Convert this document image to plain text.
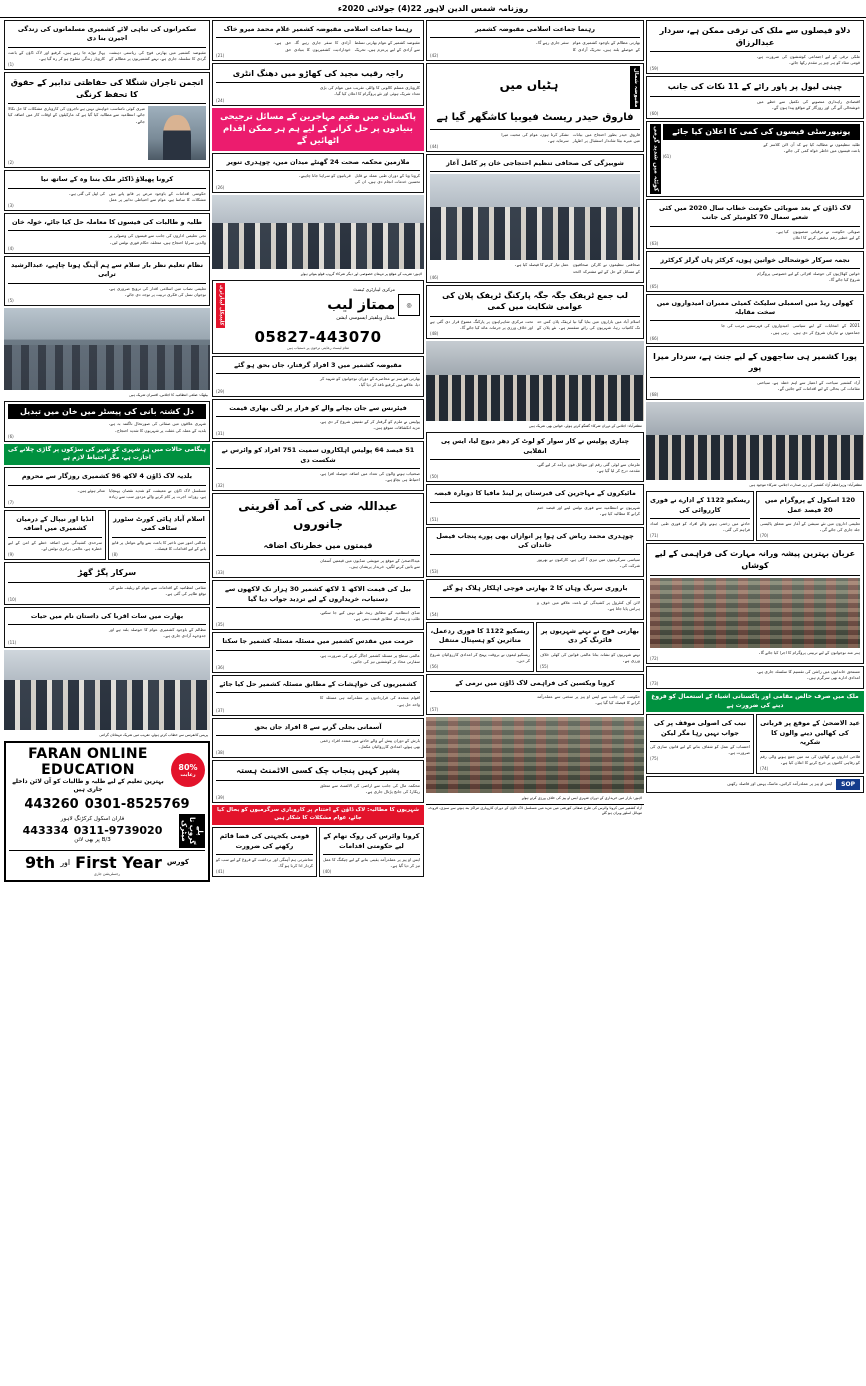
روزنامہ شمس الدین لاہور 22(4) جولائی 2020ء
دلاو فیصلوں سے ملک کی ترقی ممکن ہے، سردار عبدالرزاق
ملکی ترقی کے لیے اجتماعی کوششوں کی ضرورت ہے، قومی مفاد کو ہر چیز پر مقدم رکھا جائے۔
(59)
چینی لیول پر پاور رائے کے 11 نکات کی جانب
اقتصادی راہداری منصوبے کی تکمیل سے خطے میں خوشحالی آئے گی اور روزگار کے مواقع پیدا ہوں گے۔
(60)
یونیورسٹی فیسوں کی کمی کا اعلان کیا جائے
طلبہ تنظیموں نے مطالبہ کیا ہے کہ آن لائن کلاسز کے باعث فیسوں میں خاطر خواہ کمی کی جائے۔
(61)
کوئٹہ میں شدید گرمی
لاک ڈاؤن کے بعد صوبائی حکومت خطاب سال 2020 میں کئی شعبے سمال 70 کلومیٹر کی جانب
صوبائی حکومت نے ترقیاتی منصوبوں کے لیے خطیر رقم مختص کرنے کا اعلان کیا ہے۔
(63)
نجمہ سرکار خوشحالی خواتین ہوں، کرکٹر ہاں گرلز کرکٹرز
خواتین کھلاڑیوں کی حوصلہ افزائی کے لیے خصوصی پروگرام شروع کیا جائے گا۔
(65)
کھولی ریڈ میں اسمبلی سلیکٹ کمیٹی ممبران امیدواروں میں سخت مقابلہ
2021 کے انتخابات کے لیے سیاسی جماعتوں نے تیاریاں شروع کر دی ہیں، امیدواروں کی فہرستیں مرتب کی جا رہی ہیں۔
(66)
پورا کشمیر ہی ساجھوں کے لیے جنت ہے، سردار میرا پور
آزاد کشمیر سیاحت کے اعتبار سے اہم خطہ ہے، سیاحتی مقامات کی بحالی کے لیے اقدامات کیے جائیں گے۔
(68)
مظفرآباد: وزیراعظم آزاد کشمیر کی زیر صدارت اجلاس، شرکاء موجود ہیں
120 اسکول کے پروگرام میں 20 فیصد عمل
تعلیمی اداروں میں نئے سیشن کے آغاز سے متعلق پالیسی جلد جاری کی جائے گی۔
(70)
ریسکیو 1122 کے ادارے نے فوری کارروائی کی
حادثے میں زخمی ہونے والے افراد کو فوری طبی امداد فراہم کی گئی۔
(71)
عربان بہترین پیشہ ورانہ مہارت کی فراہمی کے لیے کوشاں
ہنر مند نوجوانوں کے لیے تربیتی پروگرام کا اجرا کیا جائے گا۔
(72)
مستحق خاندانوں میں راشن کی تقسیم کا سلسلہ جاری ہے، امدادی ادارے بھی سرگرم ہیں۔
(73)
ملک میں صرف خالص مقامی اور پاکستانی اشیاء کے استعمال کو فروغ دینے کی ضرورت ہے
عید الاضحیٰ کے موقع پر قربانی کی کھالیں دینے والوں کا شکریہ
فلاحی اداروں نے کھالوں کی مد میں جمع ہونے والی رقم کو رفاہی کاموں پر خرچ کرنے کا اعلان کیا ہے۔
(74)
نیب کی اصولی موقف پر کی جواب نہیں رہا مگر لیکن
احتساب کے عمل کو شفاف بنانے کے لیے قانون سازی کی ضرورت ہے۔
(75)
SOP
ایس او پیز پر عملدرآمد کرائیں، ماسک پہنیں اور فاصلہ رکھیں
رہنما جماعت اسلامی مقبوضہ کشمیر
بھارتی مظالم کے باوجود کشمیری عوام کے حوصلے بلند ہیں، تحریک آزادی کا سفر جاری رہے گا۔
(42)
مقبوضہ شمال
ہٹیاں میں
فاروق حیدر ریسٹ فیوبیا کاشگھر گیا ہے
فاروق حیدر بطور احتجاج میں بیانات میں میرے بیٹا شاندار استقبال پر اظہار تشکر کرتا ہوں، عوام کی محبت میرا سرمایہ ہے۔
(44)
شوبیزگی کی صحافی تنظیم احتجاجی خان پر کامل آغاز
صحافتی تنظیموں نے کارکن صحافیوں کے مسائل کے حل کے لیے مشترکہ لائحہ عمل تیار کرنے کا فیصلہ کیا ہے۔
(46)
لب جمع ٹریفک جگہ جگہ پارکنگ ٹریفک پلان کی عوامی شکایت میں کمی
اسلام آباد میں بازاروں میں بنایا گیا نیا ٹریفک پلان کس حد تک کامیاب رہا، شہریوں کی رائے منقسم ہے۔ نئے پلان کے تحت مرکزی شاہراہوں پر پارکنگ ممنوع قرار دی گئی ہے اور خلاف ورزی پر جرمانہ عائد کیا جائے گا۔
(48)
مظفرآباد: اجلاس کے دوران شرکاء گفتگو کرتے ہوئے، خواتین بھی شریک ہیں
چنارى پولیس نے کار سوار کو لوٹ کر دھر دبوچ لیا، ایس پی انقلابی
ملزمان سے لوٹی گئی رقم اور موبائل فون برآمد کر لیے گئے، مقدمہ درج کر لیا گیا ہے۔
(50)
مائیکروں کے مہاجرین کی قبرستان پر لینڈ مافیا کا دوبارہ قبضہ
شہریوں نے انتظامیہ سے فوری نوٹس لینے اور قبضہ ختم کرانے کا مطالبہ کیا ہے۔
(51)
چوہدری محمد ریاض کی ہوا پر انوازاں بھی پورے پنجاب فیصل خاندان کی
سیاسی سرگرمیوں میں تیزی آ گئی ہے، کارکنوں نے بھرپور شرکت کی۔
(53)
باروری سرنگ وہاں کا 2 بھارتی فوجی اہلکار ہلاک ہو گئے
لائن آف کنٹرول پر کشیدگی کے باعث علاقے میں خوف و ہراس پایا جاتا ہے۔
(54)
بھارتی فوج نے نہتے شہریوں پر فائرنگ کر دی
نہتے شہریوں کو نشانہ بنانا عالمی قوانین کی کھلی خلاف ورزی ہے۔
(55)
ریسکیو 1122 کا فوری ردعمل، متاثرین کو ہسپتال منتقل
ریسکیو ٹیموں نے بروقت پہنچ کر امدادی کارروائیاں شروع کر دیں۔
(56)
کرونا ویکسین کی فراہمی لاک ڈاؤن میں نرمی کے
حکومت کی جانب سے ایس او پیز پر سختی سے عملدرآمد کرانے کا فیصلہ کیا گیا ہے۔
(57)
لاہور: بازار میں خریداری کے دوران شہری ایس او پیز کی خلاف ورزی کرتے ہوئے
آزاد کشمیر میں کرونا وائرس کی طرح صفائی کورشی میں مزید میں مسلسل لاک ڈاؤن کے دوران کاروباری مراکز بند ہونے سے سبزی، فروٹ، موبائل اسٹور ویران ہو گئے
رہنما جماعت اسلامی مقبوضہ کشمیر غلام محمد میرو خاک
مقبوضہ کشمیر کے عوام بھارتی تسلط سے آزادی کے لیے پرعزم ہیں، تحریک آزادی کا سفر جاری رہے گا، حق خودارادیت کشمیریوں کا بنیادی حق ہے۔
(21)
راجہ رقیب مجید کی کھاڑو میں دھنگ انٹری
کاروباری مسلم کالونی کا والٹر، تقریب میں عوام کی بڑی تعداد شریک ہوئی اور نئے پروگرام کا اعلان کیا گیا۔
(24)
پاکستان میں مقیم مہاجرین کے مسائل ترجیحی بنیادوں پر حل کرانے کے لیے ہم ہر ممکن اقدام اٹھائیں گے
ملازمین محکمہ صحت 24 گھنٹے میدان میں، چوہدری تنویر
کرونا وبا کے دوران طبی عملہ نے قابل تحسین خدمات انجام دی ہیں، ان کی قربانیوں کو سراہا جانا چاہیے۔
(26)
لاہور: تقریب کے موقع پر مہمان خصوصی اور دیگر شرکاء گروپ فوٹو بنواتے ہوئے
◎
مرکزی لیبارٹری ٹیسٹ
ممتاز لیب
ممتاز ویلفیئر ایسوسی ایشن
کلینیکل لیبارٹری
05827-443070
تمام ٹیسٹ رعایتی نرخوں پر دستیاب ہیں
مقبوضہ کشمیر میں 3 افراد گرفتار، جاں بحق ہو گئے
بھارتی فورسز نے محاصرے کے دوران نوجوانوں کو شہید کر دیا، علاقے میں کرفیو نافذ کر دیا گیا۔
(29)
فیئرنس سے جان بچانے والے کو فرار پر لگی بھاری قیمت
پولیس نے ملزم کو گرفتار کر کے تفتیش شروع کر دی ہے، مزید انکشافات متوقع ہیں۔
(31)
51 فیصد 64 پولیس اہلکاروں سمیت 751 افراد کو وائرس نے شکست دی
صحتیاب ہونے والوں کی تعداد میں اضافہ حوصلہ افزا ہے، احتیاط ہی بچاؤ ہے۔
(32)
عبداللہ ضی کی آمد آفرینی جانوروں
قیمتوں میں خطرناک اضافہ
عیدالاضحیٰ کے موقع پر مویشی منڈیوں میں قیمتیں آسمان سے باتیں کرنے لگیں، خریدار پریشان ہیں۔
(33)
بیل کی قیمت الاکھ 1 لاکھ کشمیر 30 ہزار تک لاکھوں سے دستیاب، خریداروں کے لیے تردید جواب دیا گیا
منڈی انتظامیہ کے مطابق ریٹ طے نہیں کیے جا سکتے، طلب و رسد کے مطابق قیمت بنتی ہے۔
(35)
حرمت میں مقدس کشمیر میں مسئلہ مسئلہ کشمیر جا سکتا
عالمی سطح پر مسئلہ کشمیر اجاگر کرنے کی ضرورت ہے، سفارتی محاذ پر کوششیں تیز کی جائیں۔
(36)
کشمیریوں کی خواہشات کے مطابق مسئلہ کشمیر حل کیا جائے
اقوام متحدہ کی قراردادوں پر عملدرآمد ہی مسئلہ کا واحد حل ہے۔
(37)
آسمانی بجلی گرنے سے 8 افراد جاں بحق
بارش کے دوران پیش آنے والے حادثے میں متعدد افراد زخمی بھی ہوئے، امدادی کارروائیاں مکمل۔
(38)
پشپر کہیں پنجاب چک کسی الاٹمنٹ ہستہ
محکمہ مال کی جانب سے اراضی کی الاٹمنٹ سے متعلق ریکارڈ کی جانچ پڑتال جاری ہے۔
(39)
شہریوں کا مطالبہ: لاک ڈاؤن کے اختتام پر کاروباری سرگرمیوں کو بحال کیا جائے، عوام مشکلات کا شکار ہیں
کرونا وائرس کی روک تھام کے لیے حکومتی اقدامات
ایس او پیز پر عملدرآمد یقینی بنانے کے لیے چیکنگ کا عمل تیز کر دیا گیا ہے۔
(40)
قومی یکجہتی کی فضا قائم رکھنے کی ضرورت
معاشرتی ہم آہنگی اور برداشت کے فروغ کے لیے سب کو کردار ادا کرنا ہو گا۔
(41)
سکمرانوں کی تباہی لائے کشمیری مسلمانوں کی زندگی اجیرن بنا دی
مقبوضہ کشمیر میں بھارتی فوج کی ریاستی دہشت گردی کا سلسلہ جاری ہے، نہتے کشمیریوں پر مظالم کے پہاڑ توڑے جا رہے ہیں، کرفیو اور لاک ڈاؤن کے باعث کاروبار زندگی مفلوج ہو کر رہ گیا ہے۔
(1)
انجمن تاجران شنگلا کی حفاظتی تدابیر کے حقوق کا تحفظ کرنگی
میری کوئی نامناسب خواہش نہیں ہے تاجروں کی کاروباری مشکلات کا حل نکالا جائے، انتظامیہ سے مطالبہ کیا گیا ہے کہ مارکیٹوں کے اوقات کار میں اضافہ کیا جائے۔
(2)
کرونا پھیلاؤ ڈاکٹر ملک بننا وہ کے ساتھ نیا
حکومتی اقدامات کے باوجود مرض پر قابو پانے میں مشکلات کا سامنا ہے، عوام سے احتیاطی تدابیر پر عمل کی اپیل کی گئی ہے۔
(3)
طلبہ و طالبات کی فیسوں کا معاملہ حل کیا جائے، خولہ خان
نجی تعلیمی اداروں کی جانب سے فیسوں کی وصولی پر والدین سراپا احتجاج ہیں، متعلقہ حکام فوری نوٹس لیں۔
(4)
نظام تعلیم نظر بار سلام سے ہم آہنگ ہونا چاہیے، عبدالرشید ترابی
تعلیمی نصاب میں اسلامی اقدار کی ترویج ضروری ہے، نوجوان نسل کی فکری تربیت پر توجہ دی جائے۔
(5)
بیٹھک: ضلعی انتظامیہ کا اجلاس، افسران شریک ہیں
دل کشتہ بانی کی پیسٹر میں خان میں تبدیل
شہری علاقوں میں صفائی کی صورتحال ناگفتہ بہ ہے، بلدیہ کے عملہ کی غفلت پر شہریوں کا شدید احتجاج۔
(6)
ہنگامی حالات میں ہر شہری کو شہر کی سڑکوں پر گاڑی چلانے کی اجازت ہے، مگر احتیاط لازم ہے
بلدیہ لاک ڈاؤن 4 لاکھ 96 کشمیری روزگار سے محروم
مسلسل لاک ڈاؤن نے معیشت کو شدید نقصان پہنچایا ہے، روزانہ اجرت پر کام کرنے والے مزدور سب سے زیادہ متاثر ہوئے ہیں۔
(7)
اسلام آباد ہائی کورٹ سٹورز سٹاف کمی
عدالتی امور میں تاخیر کا باعث بننے والے عوامل پر قابو پانے کے لیے اقدامات کا فیصلہ۔
(8)
انڈیا اور نیپال کے درمیان کشمیری میں اضافہ
سرحدی کشیدگی میں اضافہ خطے کے امن کے لیے خطرہ ہے، عالمی برادری نوٹس لے۔
(9)
سرکار پگڑ گھڑ
مقامی انتظامیہ کے اقدامات سے عوام کو ریلیف ملنے کی توقع ظاہر کی گئی ہے۔
(10)
بھارت میں سات اقربا کی داستان نام میں حیات
مظالم کے باوجود کشمیری عوام کا حوصلہ بلند ہے اور جدوجہد آزادی جاری ہے۔
(11)
پریس کانفرنس سے خطاب کرتے ہوئے، تقریب میں شریک مہمانان گرامی
80%
رعایت
FARAN ONLINE EDUCATION
بہترین تعلیم کے لیے طلبہ و طالبات کو آن لائن داخلے جاری ہیں
0301-8525769
443260
پلے گروپ تا میٹرک
فاران اسکول کرکڑنگ لاہور
0311-9739020
443334
B/3 پر بھی لائن
کورس
First Year
اور
9th
رجسٹریشن جاری
